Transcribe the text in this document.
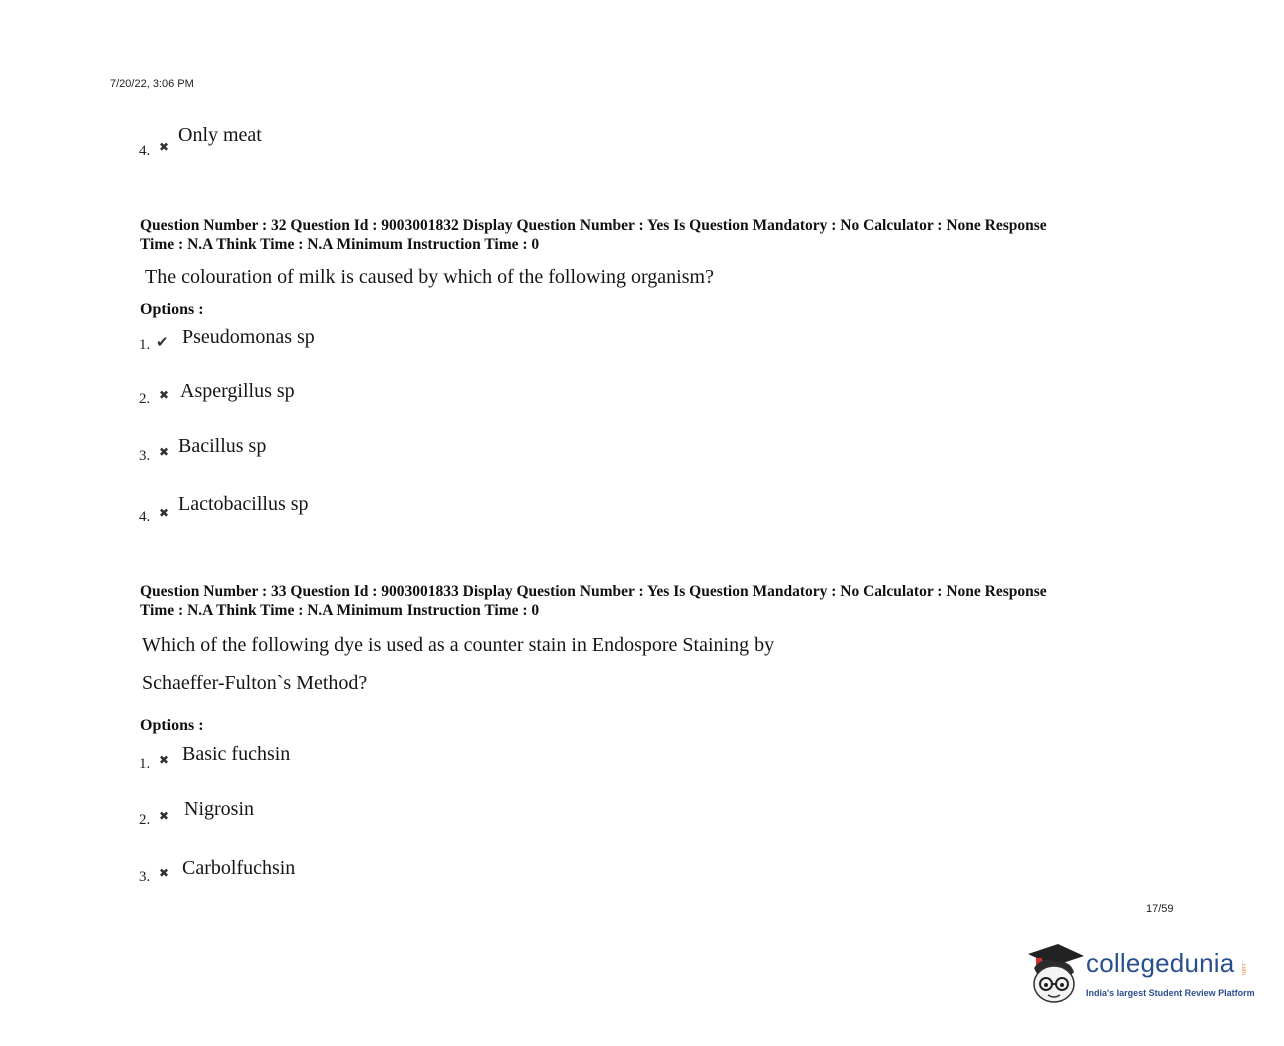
7/20/22, 3:06 PM
4. ✖
Only meat
Question Number : 32 Question Id : 9003001832 Display Question Number : Yes Is Question Mandatory : No Calculator : None Response
Time : N.A Think Time : N.A Minimum Instruction Time : 0
The colouration of milk is caused by which of the following organism?
Options :
1. ✔ Pseudomonas sp
2. ✖ Aspergillus sp
3. ✖ Bacillus sp
4. ✖ Lactobacillus sp
Question Number : 33 Question Id : 9003001833 Display Question Number : Yes Is Question Mandatory : No Calculator : None Response
Time : N.A Think Time : N.A Minimum Instruction Time : 0
Which of the following dye is used as a counter stain in Endospore Staining by
Schaeffer-Fulton`s Method?
Options :
1. ✖ Basic fuchsin
2. ✖ Nigrosin
3. ✖ Carbolfuchsin
17/59
collegedunia .com
India's largest Student Review Platform
